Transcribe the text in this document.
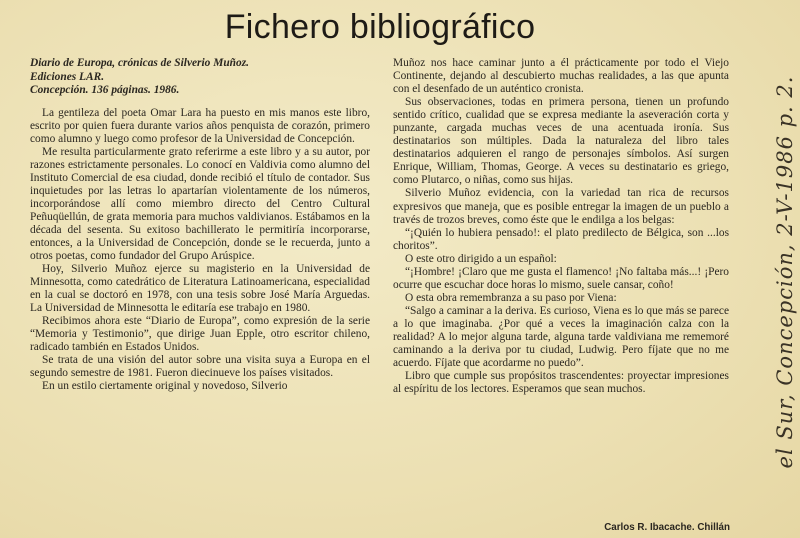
Fichero bibliográfico

Diario de Europa, crónicas de Silverio Muñoz.

Ediciones LAR.

Concepción. 136 páginas. 1986.

La gentileza del poeta Omar Lara ha puesto en mis manos este libro, escrito por quien fuera durante varios años penquista de corazón, primero como alumno y luego como profesor de la Universidad de Concepción.

Me resulta particularmente grato referirme a este libro y a su autor, por razones estrictamente personales. Lo conocí en Valdivia como alumno del Instituto Comercial de esa ciudad, donde recibió el título de contador. Sus inquietudes por las letras lo apartarían violentamente de los números, incorporándose allí como miembro directo del Centro Cultural Peñuqüellún, de grata memoria para muchos valdivianos. Estábamos en la década del sesenta. Su exitoso bachillerato le permitiría incorporarse, entonces, a la Universidad de Concepción, donde se le recuerda, junto a otros poetas, como fundador del Grupo Arúspice.

Hoy, Silverio Muñoz ejerce su magisterio en la Universidad de Minnesotta, como catedrático de Literatura Latinoamericana, especialidad en la cual se doctoró en 1978, con una tesis sobre José María Arguedas. La Universidad de Minnesotta le editaría ese trabajo en 1980.

Recibimos ahora este “Diario de Europa”, como expresión de la serie “Memoria y Testimonio”, que dirige Juan Epple, otro escritor chileno, radicado también en Estados Unidos.

Se trata de una visión del autor sobre una visita suya a Europa en el segundo semestre de 1981. Fueron diecinueve los países visitados.

En un estilo ciertamente original y novedoso, Silverio

Muñoz nos hace caminar junto a él prácticamente por todo el Viejo Continente, dejando al descubierto muchas realidades, a las que apunta con el desenfado de un auténtico cronista.

Sus observaciones, todas en primera persona, tienen un profundo sentido crítico, cualidad que se expresa mediante la aseveración corta y punzante, cargada muchas veces de una acentuada ironía. Sus destinatarios son múltiples. Dada la naturaleza del libro tales destinatarios adquieren el rango de personajes símbolos. Así surgen Enrique, William, Thomas, George. A veces su destinatario es griego, como Plutarco, o niñas, como sus hijas.

Silverio Muñoz evidencia, con la variedad tan rica de recursos expresivos que maneja, que es posible entregar la imagen de un pueblo a través de trozos breves, como éste que le endilga a los belgas:

“¡Quién lo hubiera pensado!: el plato predilecto de Bélgica, son ...los choritos”.

O este otro dirigido a un español:

“¡Hombre! ¡Claro que me gusta el flamenco! ¡No faltaba más...! ¡Pero ocurre que escuchar doce horas lo mismo, suele cansar, coño!

O esta obra remembranza a su paso por Viena:

“Salgo a caminar a la deriva. Es curioso, Viena es lo que más se parece a lo que imaginaba. ¿Por qué a veces la imaginación calza con la realidad? A lo mejor alguna tarde, alguna tarde valdiviana me rememoré caminando a la deriva por tu ciudad, Ludwig. Pero fíjate que no me acuerdo. Fíjate que acordarme no puedo”.

Libro que cumple sus propósitos trascendentes: proyectar impresiones al espíritu de los lectores. Esperamos que sean muchos.

Carlos R. Ibacache. Chillán
el Sur, Concepción, 2-V-1986 p. 2.
